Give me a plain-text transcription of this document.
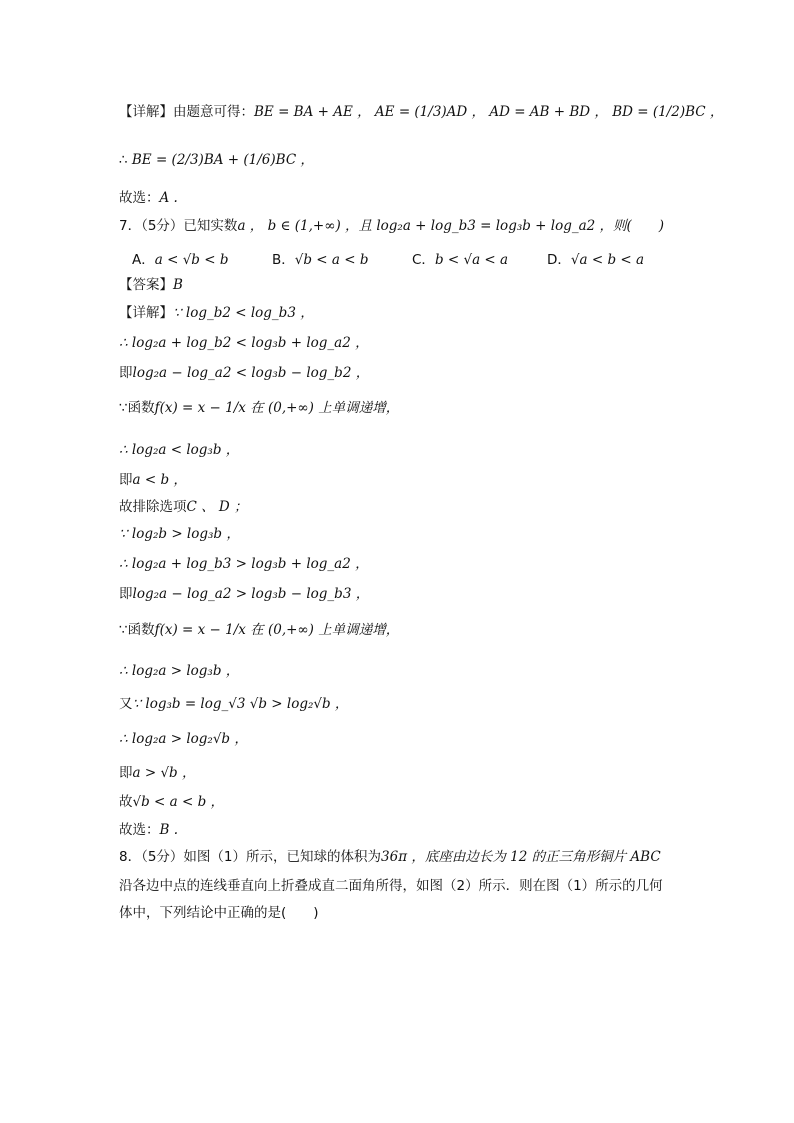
【详解】由题意可得：BE = BA + AE ， AE = (1/3)AD ， AD = AB + BD ， BD = (1/2)BC ，
∴ BE = (2/3)BA + (1/6)BC ，
故选：A .
7．（5分）已知实数a ， b ∈ (1,+∞) ，且 log₂a + log_b3 = log₃b + log_a2 ，则(　　)
A．a < √b < b	B．√b < a < b	C．b < √a < a	D．√a < b < a
【答案】B
【详解】∵ log_b2 < log_b3 ，
∴ log₂a + log_b2 < log₃b + log_a2 ，
即log₂a − log_a2 < log₃b − log_b2 ，
∵函数f(x) = x − 1/x 在 (0,+∞) 上单调递增，
∴ log₂a < log₃b ，
即a < b ，
故排除选项C 、 D ；
∵ log₂b > log₃b ，
∴ log₂a + log_b3 > log₃b + log_a2 ，
即log₂a − log_a2 > log₃b − log_b3 ，
∵函数f(x) = x − 1/x 在 (0,+∞) 上单调递增，
∴ log₂a > log₃b ，
又∵ log₃b = log_√3 √b > log₂√b ，
∴ log₂a > log₂√b ，
即a > √b ，
故√b < a < b ，
故选：B .
8．（5分）如图（1）所示，已知球的体积为36π ，底座由边长为 12 的正三角形铜片 ABC
沿各边中点的连线垂直向上折叠成直二面角所得，如图（2）所示．则在图（1）所示的几何
体中，下列结论中正确的是(　　)
